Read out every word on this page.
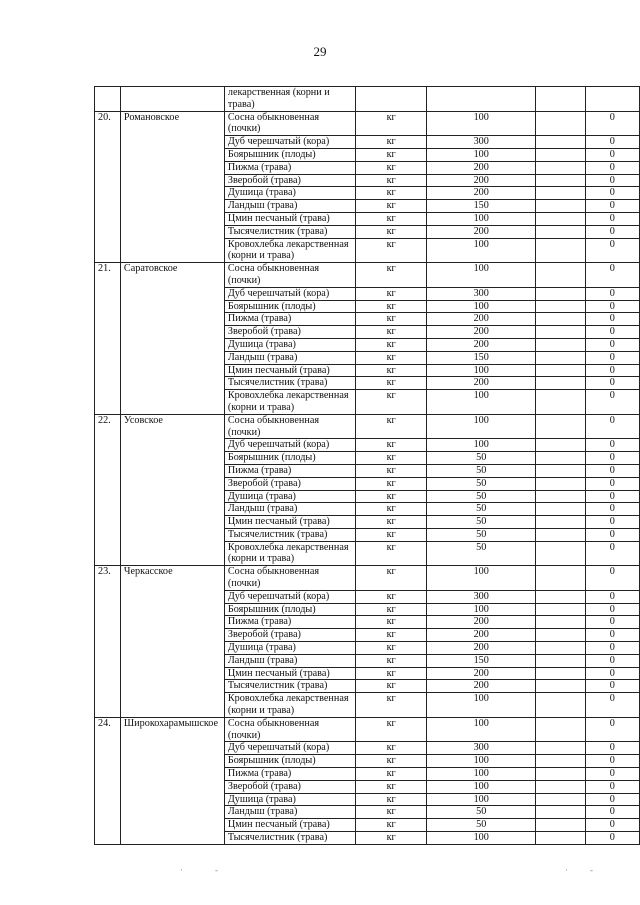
29
		лекарственная (корни и трава)				
20.	Романовское	Сосна обыкновенная (почки)	кг	100		0
		Дуб черешчатый (кора)	кг	300		0
		Боярышник (плоды)	кг	100		0
		Пижма (трава)	кг	200		0
		Зверобой (трава)	кг	200		0
		Душица (трава)	кг	200		0
		Ландыш (трава)	кг	150		0
		Цмин песчаный (трава)	кг	100		0
		Тысячелистник (трава)	кг	200		0
		Кровохлебка лекарственная (корни и трава)	кг	100		0
21.	Саратовское	Сосна обыкновенная (почки)	кг	100		0
		Дуб черешчатый (кора)	кг	300		0
		Боярышник (плоды)	кг	100		0
		Пижма (трава)	кг	200		0
		Зверобой (трава)	кг	200		0
		Душица (трава)	кг	200		0
		Ландыш (трава)	кг	150		0
		Цмин песчаный (трава)	кг	100		0
		Тысячелистник (трава)	кг	200		0
		Кровохлебка лекарственная (корни и трава)	кг	100		0
22.	Усовское	Сосна обыкновенная (почки)	кг	100		0
		Дуб черешчатый (кора)	кг	100		0
		Боярышник (плоды)	кг	50		0
		Пижма (трава)	кг	50		0
		Зверобой (трава)	кг	50		0
		Душица (трава)	кг	50		0
		Ландыш (трава)	кг	50		0
		Цмин песчаный (трава)	кг	50		0
		Тысячелистник (трава)	кг	50		0
		Кровохлебка лекарственная (корни и трава)	кг	50		0
23.	Черкасское	Сосна обыкновенная (почки)	кг	100		0
		Дуб черешчатый (кора)	кг	300		0
		Боярышник (плоды)	кг	100		0
		Пижма (трава)	кг	200		0
		Зверобой (трава)	кг	200		0
		Душица (трава)	кг	200		0
		Ландыш (трава)	кг	150		0
		Цмин песчаный (трава)	кг	200		0
		Тысячелистник (трава)	кг	200		0
		Кровохлебка лекарственная (корни и трава)	кг	100		0
24.	Широкохарамышское	Сосна обыкновенная (почки)	кг	100		0
		Дуб черешчатый (кора)	кг	300		0
		Боярышник (плоды)	кг	100		0
		Пижма (трава)	кг	100		0
		Зверобой (трава)	кг	100		0
		Душица (трава)	кг	100		0
		Ландыш (трава)	кг	50		0
		Цмин песчаный (трава)	кг	50		0
		Тысячелистник (трава)	кг	100		0
·	-	· -
